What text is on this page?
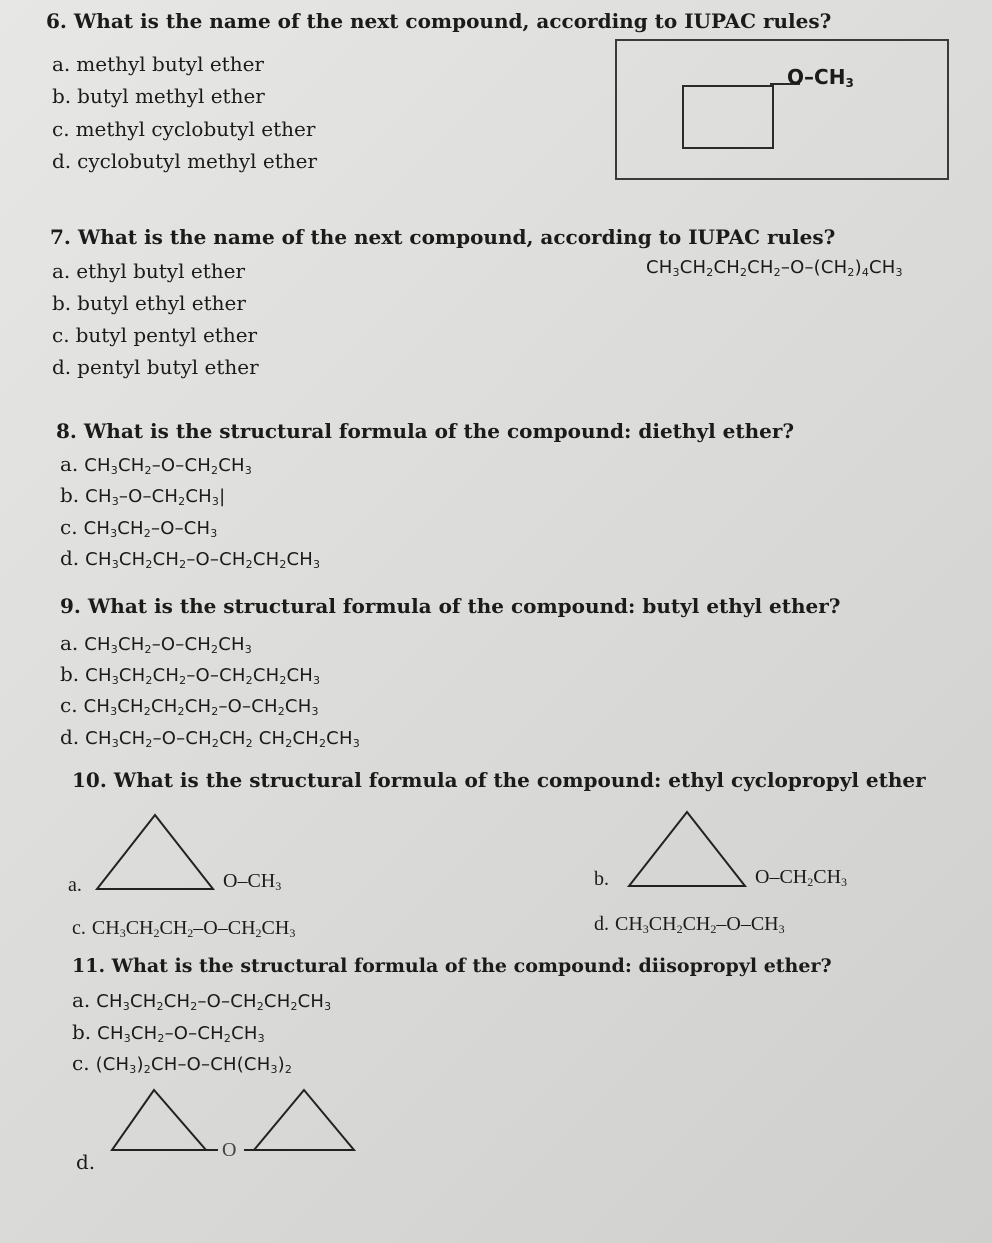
6. What is the name of the next compound, according to IUPAC rules?
a. methyl butyl ether
b. butyl methyl ether
c. methyl cyclobutyl ether
d. cyclobutyl methyl ether
$O-CH_3$
7. What is the name of the next compound, according to IUPAC rules?
$CH_3CH_2CH_2CH_2-O-(CH_2)_4CH_3$
a. ethyl butyl ether
b. butyl ethyl ether
c. butyl pentyl ether
d. pentyl butyl ether
8. What is the structural formula of the compound: diethyl ether?
a. $CH_3CH_2-O-CH_2CH_3$
b. $CH_3-O-CH_2CH_3|$
c. $CH_3CH_2-O-CH_3$
d. $CH_3CH_2CH_2-O-CH_2CH_2CH_3$
9. What is the structural formula of the compound: butyl ethyl ether?
a. $CH_3CH_2-O-CH_2CH_3$
b. $CH_3CH_2CH_2-O-CH_2CH_2CH_3$
c. $CH_3CH_2CH_2CH_2-O-CH_2CH_3$
d. $CH_3CH_2-O-CH_2CH_2$ $CH_2CH_2CH_3$
10. What is the structural formula of the compound: ethyl cyclopropyl ether
a.	$O-CH_3$	b.	$O-CH_2CH_3$
c. $CH_3CH_2CH_2-O-CH_2CH_3$	d. $CH_3CH_2CH_2-O-CH_3$
11. What is the structural formula of the compound: diisopropyl ether?
a. $CH_3CH_2CH_2-O-CH_2CH_2CH_3$
b. $CH_3CH_2-O-CH_2CH_3$
c. $(CH_3)_2CH-O-CH(CH_3)_2$
O
d.
